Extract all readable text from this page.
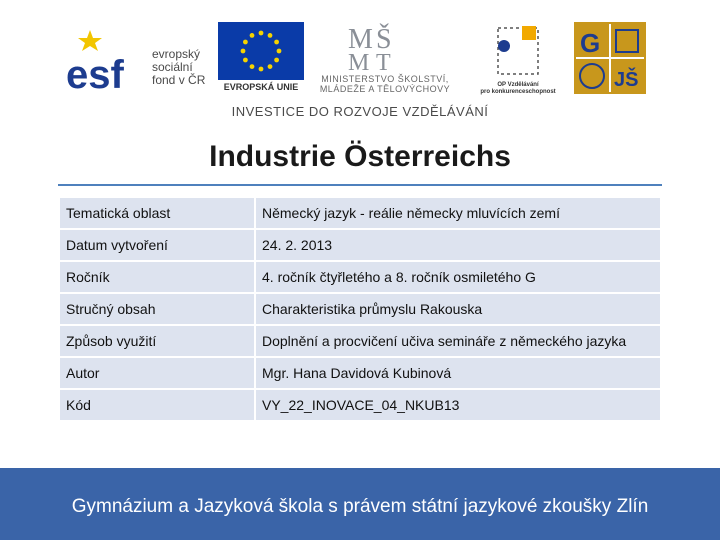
esf evropský
sociální
fond v ČR	EVROPSKÁ UNIE
M Š
M T
MINISTERSTVO ŠKOLSTVÍ,
MLÁDEŽE A TĚLOVÝCHOVY	OP Vzdělávání
pro konkurenceschopnost
G
JŠ
INVESTICE DO ROZVOJE VZDĚLÁVÁNÍ
Industrie Österreichs
Tematická oblast	Německý jazyk - reálie německy mluvících zemí
Datum vytvoření	24. 2. 2013
Ročník	4. ročník čtyřletého a 8. ročník osmiletého G
Stručný obsah	Charakteristika průmyslu Rakouska
Způsob využití	Doplnění a procvičení učiva semináře z německého jazyka
Autor	Mgr. Hana Davidová Kubinová
Kód	VY_22_INOVACE_04_NKUB13
Gymnázium a Jazyková škola s právem státní jazykové zkoušky Zlín
